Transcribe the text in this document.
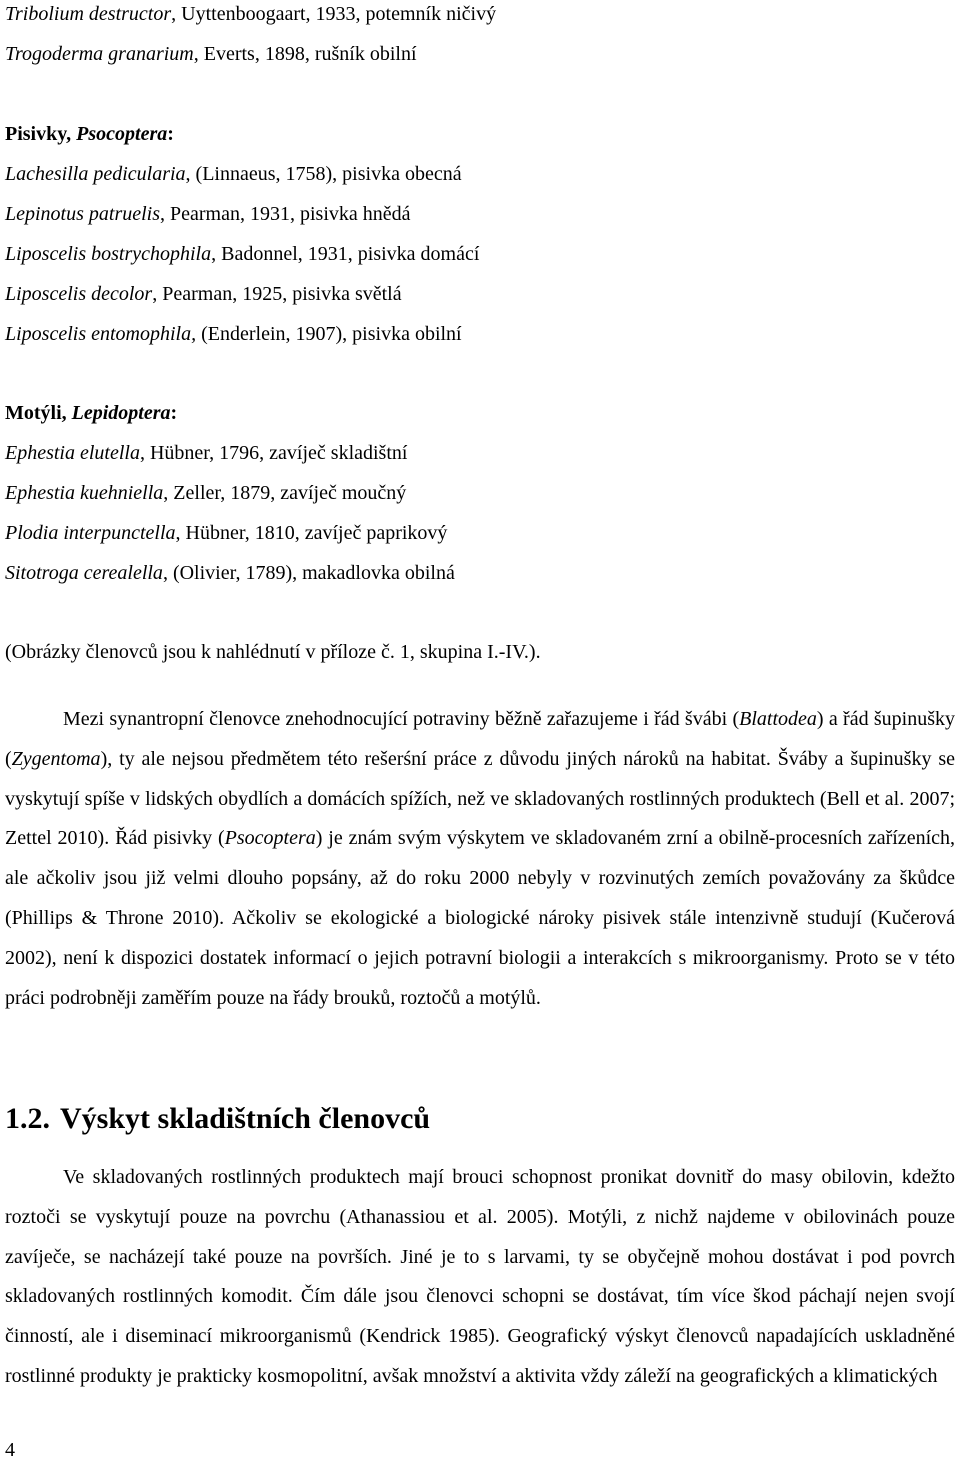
Tribolium destructor, Uyttenboogaart, 1933, potemník ničivý
Trogoderma granarium, Everts, 1898, rušník obilní
Pisivky, Psocoptera:
Lachesilla pedicularia, (Linnaeus, 1758), pisivka obecná
Lepinotus patruelis, Pearman, 1931, pisivka hnědá
Liposcelis bostrychophila, Badonnel, 1931, pisivka domácí
Liposcelis decolor, Pearman, 1925, pisivka světlá
Liposcelis entomophila, (Enderlein, 1907), pisivka obilní
Motýli, Lepidoptera:
Ephestia elutella, Hübner, 1796, zavíječ skladištní
Ephestia kuehniella, Zeller, 1879, zavíječ moučný
Plodia interpunctella, Hübner, 1810, zavíječ paprikový
Sitotroga cerealella, (Olivier, 1789), makadlovka obilná
(Obrázky členovců jsou k nahlédnutí v příloze č. 1, skupina I.-IV.).

Mezi synantropní členovce znehodnocující potraviny běžně zařazujeme i řád švábi (Blattodea) a řád šupinušky (Zygentoma), ty ale nejsou předmětem této rešerśní práce z důvodu jiných nároků na habitat. Šváby a šupinušky se vyskytují spíše v lidských obydlích a domácích spížích, než ve skladovaných rostlinných produktech (Bell et al. 2007; Zettel 2010). Řád pisivky (Psocoptera) je znám svým výskytem ve skladovaném zrní a obilně-procesních zařízeních, ale ačkoliv jsou již velmi dlouho popsány, až do roku 2000 nebyly v rozvinutých zemích považovány za škůdce (Phillips & Throne 2010). Ačkoliv se ekologické a biologické nároky pisivek stále intenzivně studují (Kučerová 2002), není k dispozici dostatek informací o jejich potravní biologii a interakcích s mikroorganismy. Proto se v této práci podrobněji zaměřím pouze na řády brouků, roztočů a motýlů.

1.2. Výskyt skladištních členovců

Ve skladovaných rostlinných produktech mají brouci schopnost pronikat dovnitř do masy obilovin, kdežto roztoči se vyskytují pouze na povrchu (Athanassiou et al. 2005). Motýli, z nichž najdeme v obilovinách pouze zavíječe, se nacházejí také pouze na površích. Jiné je to s larvami, ty se obyčejně mohou dostávat i pod povrch skladovaných rostlinných komodit. Čím dále jsou členovci schopni se dostávat, tím více škod páchají nejen svojí činností, ale i diseminací mikroorganismů (Kendrick 1985). Geografický výskyt členovců napadajících uskladněné rostlinné produkty je prakticky kosmopolitní, avšak množství a aktivita vždy záleží na geografických a klimatických

4
